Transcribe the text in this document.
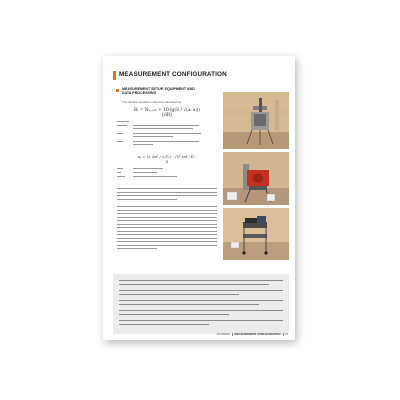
MEASUREMENT CONFIGURATION
MEASUREMENT SETUP, EQUIPMENT AND DATA PROCESSING
The vibration insulation index R is calculated as:
Rᵢ = Nₑ,ᵢ,ᵢₙ + 10·lg(S / √(aᵢ aⱼ)) [dB]
aⱼ = (2.2π² / c₀Tₛ) · √(f_ref / f) · S
FOURDIM MEASUREMENT CONFIGURATION 11
